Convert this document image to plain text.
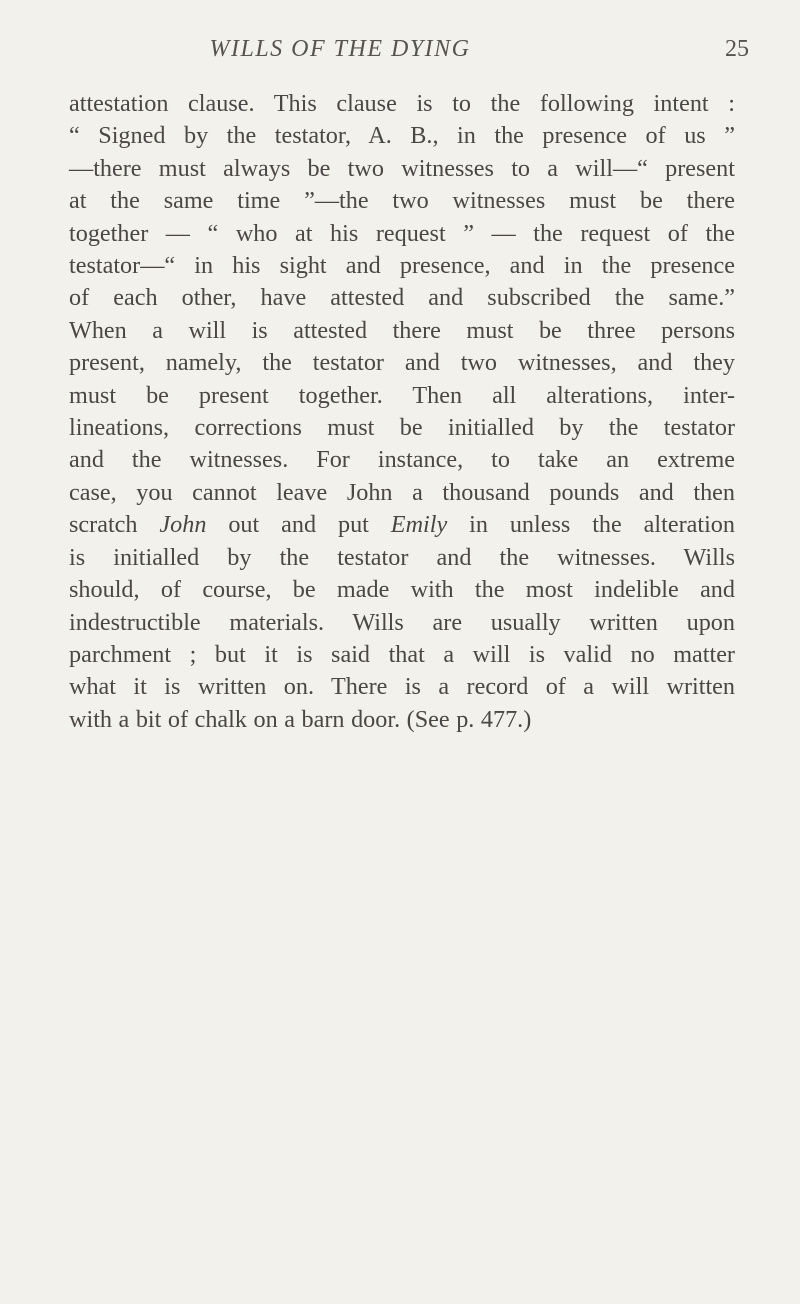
WILLS OF THE DYING	25
attestation clause. This clause is to the following intent :
“ Signed by the testator, A. B., in the presence of us ”
—there must always be two witnesses to a will—“ present
at the same time ”—the two witnesses must be there
together — “ who at his request ” — the request of the
testator—“ in his sight and presence, and in the presence
of each other, have attested and subscribed the same.”
When a will is attested there must be three persons
present, namely, the testator and two witnesses, and they
must be present together. Then all alterations, inter-
lineations, corrections must be initialled by the testator
and the witnesses. For instance, to take an extreme
case, you cannot leave John a thousand pounds and then
scratch John out and put Emily in unless the alteration
is initialled by the testator and the witnesses. Wills
should, of course, be made with the most indelible and
indestructible materials. Wills are usually written upon
parchment ; but it is said that a will is valid no matter
what it is written on. There is a record of a will written
with a bit of chalk on a barn door. (See p. 477.)
